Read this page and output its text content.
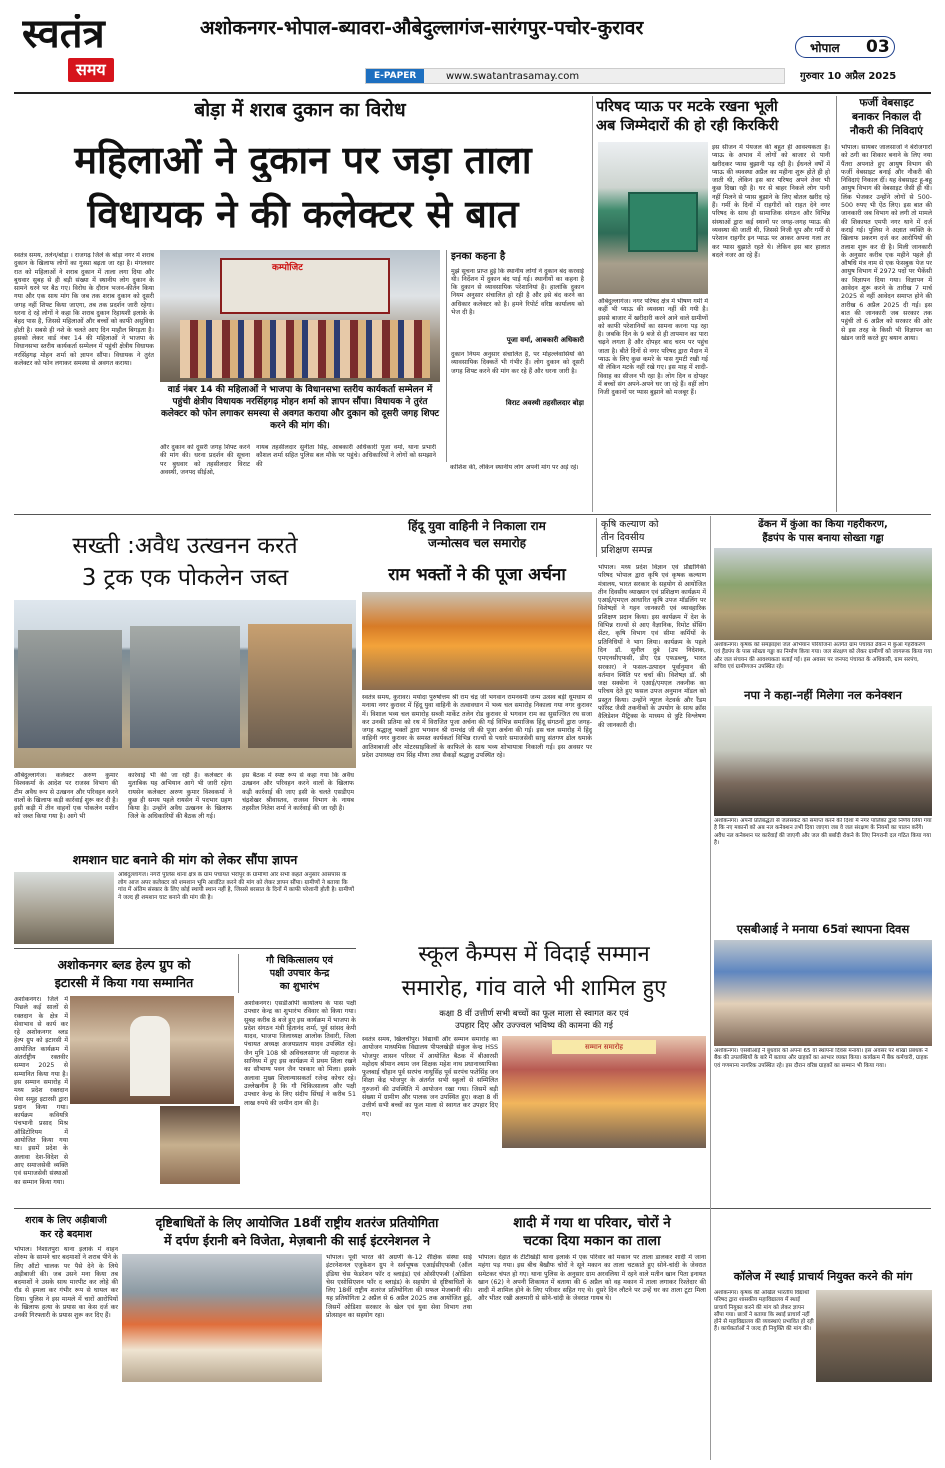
स्वतंत्र
समय
अशोकनगर-भोपाल-ब्यावरा-औबेदुल्लागंज-सारंगपुर-पचोर-कुरावर
E-PAPER	www.swatantrasamay.com
भोपाल 03
गुरुवार 10 अप्रैल 2025
बोड़ा में शराब दुकान का विरोध
महिलाओं ने दुकान पर जड़ा ताला
विधायक ने की कलेक्टर से बात
स्वतंत्र समय, तलेन/बोड़ा । राजगढ़ जिले के बोड़ा नगर में शराब दुकान के खिलाफ लोगों का गुस्सा बढ़ता जा रहा है। मंगलवार रात को महिलाओं ने शराब दुकान में ताला लगा दिया और बुधवार सुबह से ही बड़ी संख्या में स्थानीय लोग दुकान के सामने धरने पर बैठ गए। विरोध के दौरान भजन-कीर्तन किया गया और एक साथ मांग कि जब तक शराब दुकान को दूसरी जगह नहीं शिफ्ट किया जाएगा, तब तक प्रदर्शन जारी रहेगा। धरना दे रहे लोगों ने कहा कि शराब दुकान रिहायशी इलाके के बेहद पास है, जिससे महिलाओं और बच्चों को काफी असुविधा होती है। सबसे ही नशे के चलते आए दिन माहौल बिगड़ता है। इसको लेकर वार्ड नंबर 14 की महिलाओं ने भाजपा के विधानसभा स्तरीय कार्यकर्ता सम्मेलन में पहुंची क्षेत्रीय विधायक नरसिंहगढ़ मोहन शर्मा को ज्ञापन सौंपा। विधायक ने तुरंत कलेक्टर को फोन लगाकर समस्या से अवगत कराया।
कम्पोजिट
वार्ड नंबर 14 की महिलाओं ने भाजपा के विधानसभा स्तरीय कार्यकर्ता सम्मेलन में पहुंची क्षेत्रीय विधायक नरसिंहगढ़ मोहन शर्मा को ज्ञापन सौंपा। विधायक ने तुरंत कलेक्टर को फोन लगाकर समस्या से अवगत कराया और दुकान को दूसरी जगह शिफ्ट करने की मांग की।
और दुकान को दूसरी जगह शिफ्ट करने की मांग की। धरना प्रदर्शन की सूचना पर बुधवार को तहसीलदार विराट अवस्थी, जनपद सीईओ,
नायब तहसीलदार सुनीता सिंह, आबकारी अधिकारी पूजा वर्मा, थाना प्रभारी कौशल शर्मा सहित पुलिस बल मौके पर पहुंचे। अधिकारियों ने लोगों को समझाने की
इनका कहना है
मुझे सूचना प्राप्त हुई कि स्थानीय लोगों ने दुकान बंद करवाई थी। निर्देशन में दुकान बंद पाई गई। स्थानीयों का कहना है कि दुकान से व्यावसायिक परेशानियां है। हालांकि दुकान नियम अनुसार संचालित हो रही है और इसे बंद करने का अधिकार कलेक्टर को है। हमने रिपोर्ट वरिष्ठ कार्यालय को भेज दी है।
पूजा वर्मा, आबकारी अधिकारी
दुकान नियम अनुसार संचालित है, पर मोहल्लेवासियों की व्यावसायिक दिक्कतें भी गंभीर हैं। लोग दुकान को दूसरी जगह शिफ्ट करने की मांग कर रहे हैं और धरना जारी है।
विराट अवस्थी तहसीलदार बोड़ा
कोशिश की, लेकिन स्थानीय लोग अपनी मांग पर अड़े रहे।
परिषद प्याऊ पर मटके रखना भूली
अब जिम्मेदारों की हो रही किरकिरी
औबेदुल्लागंज। नगर परिषद क्षेत्र में भीषण गर्मी में कहीं भी प्याऊ की व्यवस्था नहीं की गयी है। इससे बाजार में खरीदारी करने आने वाले ग्रामीणों को काफी परेशानियों का सामना करना पड़ रहा है। जबकि दिन के 9 बजे से ही तापमान का पारा चढ़ने लगता है और दोपहर बाद चरम पर पहुंच जाता है। बीते दिनों से नगर परिषद द्वारा मैदान में प्याऊ के लिए कुछ कमरे के पास गुमटी रखी गई थी लेकिन मटके नहीं रखे गए। इस माह में शादी-विवाह का सीजन भी रहा है। लोग दिन व दोपहर में बच्चों संग अपने-अपने घर जा रहे हैं। वहीं लोग निजी दुकानों पर प्यास बुझाने को मजबूर हैं।
इस सीजन में पेयजल की बहुत ही आवश्यकता है। प्याऊ के अभाव में लोगों को बाजार से पानी खरीदकर प्यास बुझानी पड़ रही है। ईंधनले वर्षों में प्याऊ की व्यवस्था अप्रैल का महीना शुरू होते ही हो जाती थी, लेकिन इस बार परिषद अपने तेवर भी कुछ दिखा रही है। घर से बाहर निकले लोग पानी नहीं मिलने से प्यास बुझाने के लिए बोतल खरीद रहे हैं। गर्मी के दिनों में राहगीरों को राहत देने नगर परिषद के साथ ही सामाजिक संगठन और विभिन्न संस्थाओं द्वारा कई स्थानों पर जगह-जगह प्याऊ की व्यवस्था की जाती थी, जिससे निजी धूप और गर्मी से परेशान राहगीर इन प्याऊ पर आकर अपना गला तर कर प्यास बुझाते रहते थे। लेकिन इस बार हालात बदले नजर आ रहे हैं।
फर्जी वेबसाइट
बनाकर निकाल दी
नौकरी की निविदाएं
भोपाल। सायबर जालसाजों ने बेरोजगारों को ठगी का शिकार बनाने के लिए नया पैंतरा अपनाते हुए आयुष विभाग की फर्जी वेबसाइट बनाई और नौकरी की निविदाएं निकाल दीं। यह वेबसाइट हू-बहू आयुष विभाग की वेबसाइट जैसी ही थी। लिंक भेजकर उन्होंने लोगों से 500-500 रुपए भी ऐंठ लिए। इस बात की जानकारी जब विभाग को लगी तो मामले की शिकायत एमपी नगर थाने में दर्ज कराई गई। पुलिस ने अज्ञात व्यक्ति के खिलाफ प्रकरण दर्ज कर आरोपियों की तलाश शुरू कर दी है। मिली जानकारी के अनुसार करीब एक महीने पहले ही औषधि मंत्र नाम से एक फेसबुक पेज पर आयुष विभाग में 2972 पदों पर भैकेंसी का विज्ञापन दिया गया। विज्ञापन में आवेदन शुरू करने के तारीख 7 मार्च 2025 से नहीं आवेदन समाप्त होने की तारीख 6 अप्रैल 2025 दी गई। इस बात की जानकारी जब सरकार तक पहुंची तो 6 अप्रैल को सरकार की ओर से इस तरह के किसी भी विज्ञापन का खंडन जारी करते हुए बयान आया।
सख्ती :अवैध उत्खनन करते
3 ट्रक एक पोकलेन जब्त
औबेदुल्लागंज। कलेक्टर अरुण कुमार विश्वकर्मा के आदेश पर राजस्व विभाग की टीम अवैध रूप से उत्खनन और परिवहन करने वालों के खिलाफ कड़ी कार्रवाई शुरू कर दी है। इसी कड़ी में तीन वाहनों एक पोकलेन मशीन को जब्त किया गया है। आगे भी
कार्रवाई भी की जा रही है। कलेक्टर के मुताबिक यह अभियान आगे भी जारी रहेगा रायसेन कलेक्टर अरुण कुमार विश्वकर्मा ने कुछ ही समय पहले रायसेन में पदभार ग्रहण किया है। उन्होंने अवैध उत्खनन के खिलाफ जिले के अधिकारियों की बैठक ली गई।
इस बैठक में स्पष्ट रूप से कहा गया कि अवैध उत्खनन और परिवहन करने वालों के खिलाफ कड़ी कार्रवाई की जाए इसी के चलते एसडीएम चंद्रशेखर श्रीवास्तव, राजस्व विभाग के नायब तहसील नितेश शर्मा ने कार्रवाई की जा रही है।
शमशान घाट बनाने की मांग को लेकर सौंपा ज्ञापन
औबेदुल्लागंज। नगरी पुलिस थाना क्षेत्र के ग्राम पंचायत भैंरोपुर के ग्रामीणों और सभी कहते अनुसार आसपास के लोग आज अपर कलेक्टर को शमशान भूमि आवंटित करने की मांग को लेकर ज्ञापन सौंपा। ग्रामीणों ने बताया कि गांव में अंतिम संस्कार के लिए कोई स्थायी स्थान नहीं है, जिससे बरसात के दिनों में काफी परेशानी होती है। ग्रामीणों ने जल्द ही शमशान घाट बनाने की मांग की है।
अशोकनगर ब्लड हेल्प ग्रुप को
इटारसी में किया गया सम्मानित
अशोकनगर। जिले में पिछले कई सालों से रक्तदान के क्षेत्र में सेवाभाव से कार्य कर रहे अशोकनगर ब्लड हेल्प ग्रुप को इटारसी में आयोजित कार्यक्रम में अंतर्राष्ट्रीय रक्तवीर सम्मान 2025 से सम्मानित किया गया है। इस सम्मान समारोह में मध्य प्रदेश रक्तदान सेवा समूह इटारसी द्वारा प्रदान किया गया। कार्यक्रम कवियत्रि पंचभानी प्रसाद मिश्र ऑडिटोरियम में आयोजित किया गया था। इसमें प्रदेश के अलावा देश-विदेश से आए समाजसेवी व्यक्ति एवं समाजसेवी संस्थाओं का सम्मान किया गया।
गौ चिकित्सालय एवं
पक्षी उपचार केन्द्र
का शुभारंभ
अशोकनगर। एसडीओपी कार्यालय के पास पक्षी उपचार केन्द्र का शुभारंभ रविवार को किया गया। सुबह करीब 8 बजे हुए इस कार्यक्रम में भाजपा के प्रदेश संगठन मंत्री हितानंद शर्मा, पूर्व सांसद केपी यादव, भाजपा जिलाध्यक्ष आलोक तिवारी, जिला पंचायत अध्यक्ष अजयप्रताप यादव उपस्थित रहे। जैन मुनि 108 श्री अविचलसागर जी महाराज के सानिध्य में हुए इस कार्यक्रम में प्रथम शिला रखने का सौभाग्य पवन जैन पत्रकार को मिला। इसके अलावा मुख्य शिलान्यासकर्ता रजेन्द्र कोचर रहे। उल्लेखनीय है कि गौ चिकित्सालय और पक्षी उपचार केन्द्र के लिए संदीप सिंघई ने करीब 51 लाख रुपये की जमीन दान की है।
शराब के लिए अड़ीबाजी
कर रहे बदमाश
भोपाल। निशातपुरा थाना इलाके में वाहन शोरुम के सामने चार बदमाशों ने शराब पीने के लिए ऑटो चालक पर पैसे देने के लिये अड़ीबाजी की। जब उसने मना किया तब बदमाशों ने उसके साथ मारपीट कर लोहे की रॉड से हमला कर गंभीर रूप से घायल कर दिया। पुलिस ने इस मामले में चारों आरोपियों के खिलाफ हत्या के प्रयास का केस दर्ज कर उनकी गिरफ्तारी के प्रयास शुरू कर दिए हैं।
हिंदू युवा वाहिनी ने निकाला राम
जन्मोत्सव चल समारोह
राम भक्तों ने की पूजा अर्चना
स्वतंत्र समय, कुरावर। मर्यादा पुरुषोत्तम श्री राम चंद्र जी भगवान रामनवमी जन्म उत्सव बड़ी धूमधाम से मनाया नगर कुरावर में हिंदू युवा वाहिनी के तत्वावधान में भव्य चल समारोह निकाला गया नगर कुरावर में। विशाल भव्य चल समारोह सब्जी मार्केट तलेन रोड कुरावर से भगवान राम का सुसज्जित रथ सजा कर उनकी प्रतिमा को रथ में विराजित पूजा अर्चना की गई विभिन्न समाजिक हिंदू संगठनों द्वारा जगह-जगह श्रद्धालु भक्तों द्वारा भगवान श्री रामचंद्र जी की पूजा अर्चना की गई। इस चल समारोह में हिंदू वाहिनी नगर कुरावर के समस्त कार्यकर्ता विभिन्न राज्यों से पधारे समाजसेवी साधु संतगण ढोल धमाके आतिशबाजी और मोटरसाइकिलों के काफिले के साथ भव्य शोभायात्रा निकाली गई। इस अवसर पर प्रदेश उपाध्यक्ष राम सिंह मीणा तथा सैकड़ों श्रद्धालु उपस्थित रहे।
कृषि कल्याण को
तीन दिवसीय
प्रशिक्षण सम्पन्न
भोपाल। मध्य प्रदेश विज्ञान एवं प्रौद्योगिकी परिषद भोपाल द्वारा कृषि एवं कृषक कल्याण मंत्रालय, भारत सरकार के सहयोग से आयोजित तीन दिवसीय व्याख्यान एवं प्रशिक्षण कार्यक्रम में एआई/एमएल आधारित कृषि उपज मॉडलिंग पर विशेषज्ञों ने गहन जानकारी एवं व्यावहारिक प्रशिक्षण प्रदान किया। इस कार्यक्रम में देश के विभिन्न राज्यों से आए वैज्ञानिक, रिमोट सेंसिंग सेंटर, कृषि विभाग एवं सीमा कर्मियों के प्रतिनिधियों ने भाग लिया। कार्यक्रम के पहले दिन डॉ. सुनील दुबे (उप निदेशक, एमएनसीएफसी, डीए एंड एफडब्ल्यू, भारत सरकार) ने फसल-उत्पादन पूर्वानुमान की वर्तमान स्थिति पर चर्चा की। विशेषज्ञ डॉ. श्री जक्ष सक्सेना ने एआई/एमएल तकनीक का परिचय देते हुए फसल उपज अनुमान मॉडल को प्रस्तुत किया। उन्होंने न्यूरल नेटवर्क और रैंडम फॉरेस्ट जैसी तकनीकों के उपयोग के साथ क्रॉस वैलिडेशन मैट्रिक्स के माध्यम से त्रुटि विश्लेषण की जानकारी दी।
स्कूल कैम्पस में विदाई सम्मान
समारोह, गांव वाले भी शामिल हुए
कक्षा 8 वीं उत्तीर्ण सभी बच्चों का फूल माला से स्वागत कर एवं
उपहार दिए और उज्ज्वल भविष्य की कामना की गई
स्वतंत्र समय, खिलचीपुर। विद्यार्थी और सम्मान समारोह का आयोजन माध्यमिक विद्यालय पीपलखेड़ी संकुल केन्द्र HSS भोजपुर शासन परिसर में आयोजित बैठक में बीआरसी महोदय श्रीमान श्याम जन शिक्षक महेश नाथ प्रधानाध्यापिका फूलबाई चौहान पूर्व सरपंच नाथूसिंह पूर्व सरपंच फतेसिंह जन शिक्षा केंद्र भोजपुर के अंतर्गत सभी स्कूलों से सम्मिलित गुरुजनों की उपस्थिति में आयोजन रखा गया। जिसमें बड़ी संख्या में ग्रामीण और पालक जन उपस्थित हुए। कक्षा 8 वीं उत्तीर्ण सभी बच्चों का फूल माला से स्वागत कर उपहार दिए गए।
सम्मान समारोह
दृष्टिबाधितों के लिए आयोजित 18वीं राष्ट्रीय शतरंज प्रतियोगिता
में दर्पण ईरानी बने विजेता, मेज़बानी की साई इंटरनेशनल ने
भोपाल। पूर्वी भारत की अग्रणी के-12 शैक्षिक संस्था साई इंटरनेशनल एजुकेशन ग्रुप ने सर्वभूषक एआईसीएफबी (ऑल इंडिया चेस फेडरेशन फॉर द ब्लाइंड) एवं ओसीएफबी (ओडिशा चेस एसोसिएशन फॉर द ब्लाइंड) के सहयोग से दृष्टिबाधितों के लिए 18वीं राष्ट्रीय शतरंज प्रतियोगिता की सफल मेजबानी की। यह प्रतियोगिता 2 अप्रैल से 6 अप्रैल 2025 तक आयोजित हुई, जिसमें ओडिशा सरकार के खेल एवं युवा सेवा विभाग तथा प्रोत्साहन का सहयोग रहा।
शादी में गया था परिवार, चोरों ने
चटका दिया मकान का ताला
भोपाल। देहात के टीटीखेड़ी थाना इलाके में एक परिवार को मकान पर ताला डालकर शादी में जाना महंगा पड़ गया। इस बीच बैखौफ चोरों ने सूने मकान का ताला चटकाते हुए सोने-चांदी के जेवरात समेटकर चंपत हो गए। थाना पुलिस के अनुसार ग्राम अरवलिया में रहने वाले मतीन खान पिता इनायत खान (62) ने अपनी शिकायत में बताया की 6 अप्रैल को वह मकान में ताला लगाकर रिश्तेदार की शादी में शामिल होने के लिए परिवार सहित गए थे। दूसरे दिन लौटने पर उन्हें घर का ताला टूटा मिला और भीतर रखी अलमारी से सोने-चांदी के जेवरात गायब थे।
ढेंकन में कुंआ का किया गहरीकरण,
हैंडपंप के पास बनाया सोख्ता गड्ढा
अशोकनगर। कृषक को समझाइश जल अभियान परियोजना अंतर्गत ग्राम पंचायत ढेंकन में कुंआ गहरीकरण एवं हैंडपंप के पास सोख्ता गड्ढा का निर्माण किया गया। जल संरक्षण को लेकर ग्रामीणों को जागरूक किया गया और जल संचयन की आवश्यकता बताई गई। इस अवसर पर जनपद पंचायत के अधिकारी, ग्राम सरपंच, सचिव एवं ग्रामीणजन उपस्थित रहे।
नपा ने कहा-नहीं मिलेगा नल कनेक्शन
अशोकनगर। अपनी प्रतिबद्धता से जलसंकट को समाप्त करने की दिशा में नगर पालिका द्वारा निर्णय लिया गया है कि नए मकानों को अब नल कनेक्शन तभी दिया जाएगा जब वे जल संरक्षण के नियमों का पालन करेंगे। अवैध नल कनेक्शन पर कार्रवाई की जाएगी और जल की बर्बादी रोकने के लिए निगरानी दल गठित किया गया है।
एसबीआई ने मनाया 65वां स्थापना दिवस
अशोकनगर। एसबीआई ने बुधवार को अपना 65 वां स्थापना दिवस मनाया। इस अवसर पर शाखा प्रबंधक ने बैंक की उपलब्धियों के बारे में बताया और ग्राहकों का आभार व्यक्त किया। कार्यक्रम में बैंक कर्मचारी, ग्राहक एवं गणमान्य नागरिक उपस्थित रहे। इस दौरान वरिष्ठ ग्राहकों का सम्मान भी किया गया।
कॉलेज में स्थाई प्राचार्य नियुक्त करने की मांग
अशोकनगर। कृषक की अखिल भारतीय विद्यार्थी परिषद द्वारा शासकीय महाविद्यालय में स्थाई प्राचार्य नियुक्त करने की मांग को लेकर ज्ञापन सौंपा गया। छात्रों ने बताया कि स्थाई प्राचार्य नहीं होने से महाविद्यालय की व्यवस्थाएं प्रभावित हो रही हैं। कार्यकर्ताओं ने जल्द ही नियुक्ति की मांग की।
